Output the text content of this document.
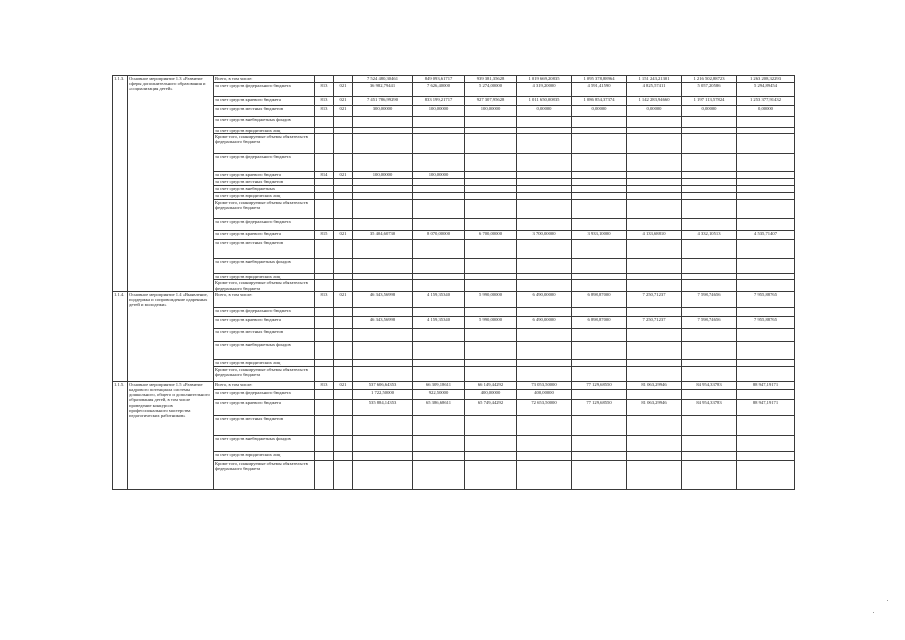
1.1.3.	Основное мероприятие 1.3 «Развитие сферы дополнительного образования и «социализация детей»	Всего, в том числе:			7 524 480,30461	849 093,61717	939 381,35628	1 019 669,20835	1 095 378,88964	1 151 243,21301	1 216 502,88723	1 263 208,32293
		за счет средств федерального бюджета	813	021	36 982,79441	7 626,40000	5 274,00000	4 319,20000	4 591,41590	4 825,57411	5 057,20586	5 294,89454
		за счет средств краевого бюджета	813	021	7 451 786,99290	833 199,21717	927 307,95628	1 011 650,00835	1 086 854,37374	1 142 283,94660	1 197 113,57824	1 253 377,91432
		за счет средств местных бюджетов	813	021	300,00000	100,00000	100,00000	0,00000	0,00000	0,00000	0,00000	0,00000
		за счет средств внебюджетных фондов										
		за счет средств юридических лиц										
		Кроме того, планируемые объемы обязательств федерального бюджета										
		за счет средств федерального бюджета										
		за счет средств краевого бюджета	814	021	100,00000	100,00000						
		за счет средств местных бюджетов										
		за счет средств внебюджетных										
		за счет средств юридических лиц										
		Кроме того, планируемые объемы обязательств федерального бюджета										
		за счет средств федерального бюджета										
		за счет средств краевого бюджета	815	021	35 404,60730	8 070,00000	6 700,00000	3 700,00000	3 933,10000	4 133,68810	4 332,10513	4 535,71407
		за счет средств местных бюджетов										
		за счет средств внебюджетных фондов										
		за счет средств юридических лиц										
		Кроме того, планируемые объемы обязательств федерального бюджета										
1.1.4.	Основное мероприятие 1.4 «Выявление, поддержка и сопровождение одаренных детей и молодежи»	Всего, в том числе:	813	021	46 343,56998	4 159,35340	5 990,00000	6 490,00000	6 898,87000	7 250,71237	7 598,74656	7 955,88765
		за счет средств федерального бюджета										
		за счет средств краевого бюджета			46 343,56998	4 159,35340	5 990,00000	6 490,00000	6 898,87000	7 250,71237	7 598,74656	7 955,88765
		за счет средств местных бюджетов										
		за счет средств внебюджетных фондов										
		за счет средств юридических лиц										
		Кроме того, планируемые объемы обязательств федерального бюджета										
1.1.5.	Основное мероприятие 1.5 «Развитие кадрового потенциала системы дошкольного, общего и дополнительного образования детей, в том числе проведение конкурсов профессионального мастерства педагогических работников»	Всего, в том числе:	813	021	537 606,64353	66 309,18611	66 149,44292	73 053,50000	77 129,68550	81 063,29946	84 954,33783	88 947,19171
		за счет средств федерального бюджета			1 722,50000	922,50000	400,00000	400,00000				
		за счет средств краевого бюджета			535 884,14353	65 386,68611	65 749,44292	72 653,50000	77 129,68550	81 063,29946	84 954,33783	88 947,19171
		за счет средств местных бюджетов										
		за счет средств внебюджетных фондов										
		за счет средств юридических лиц										
		Кроме того, планируемые объемы обязательств федерального бюджета										
